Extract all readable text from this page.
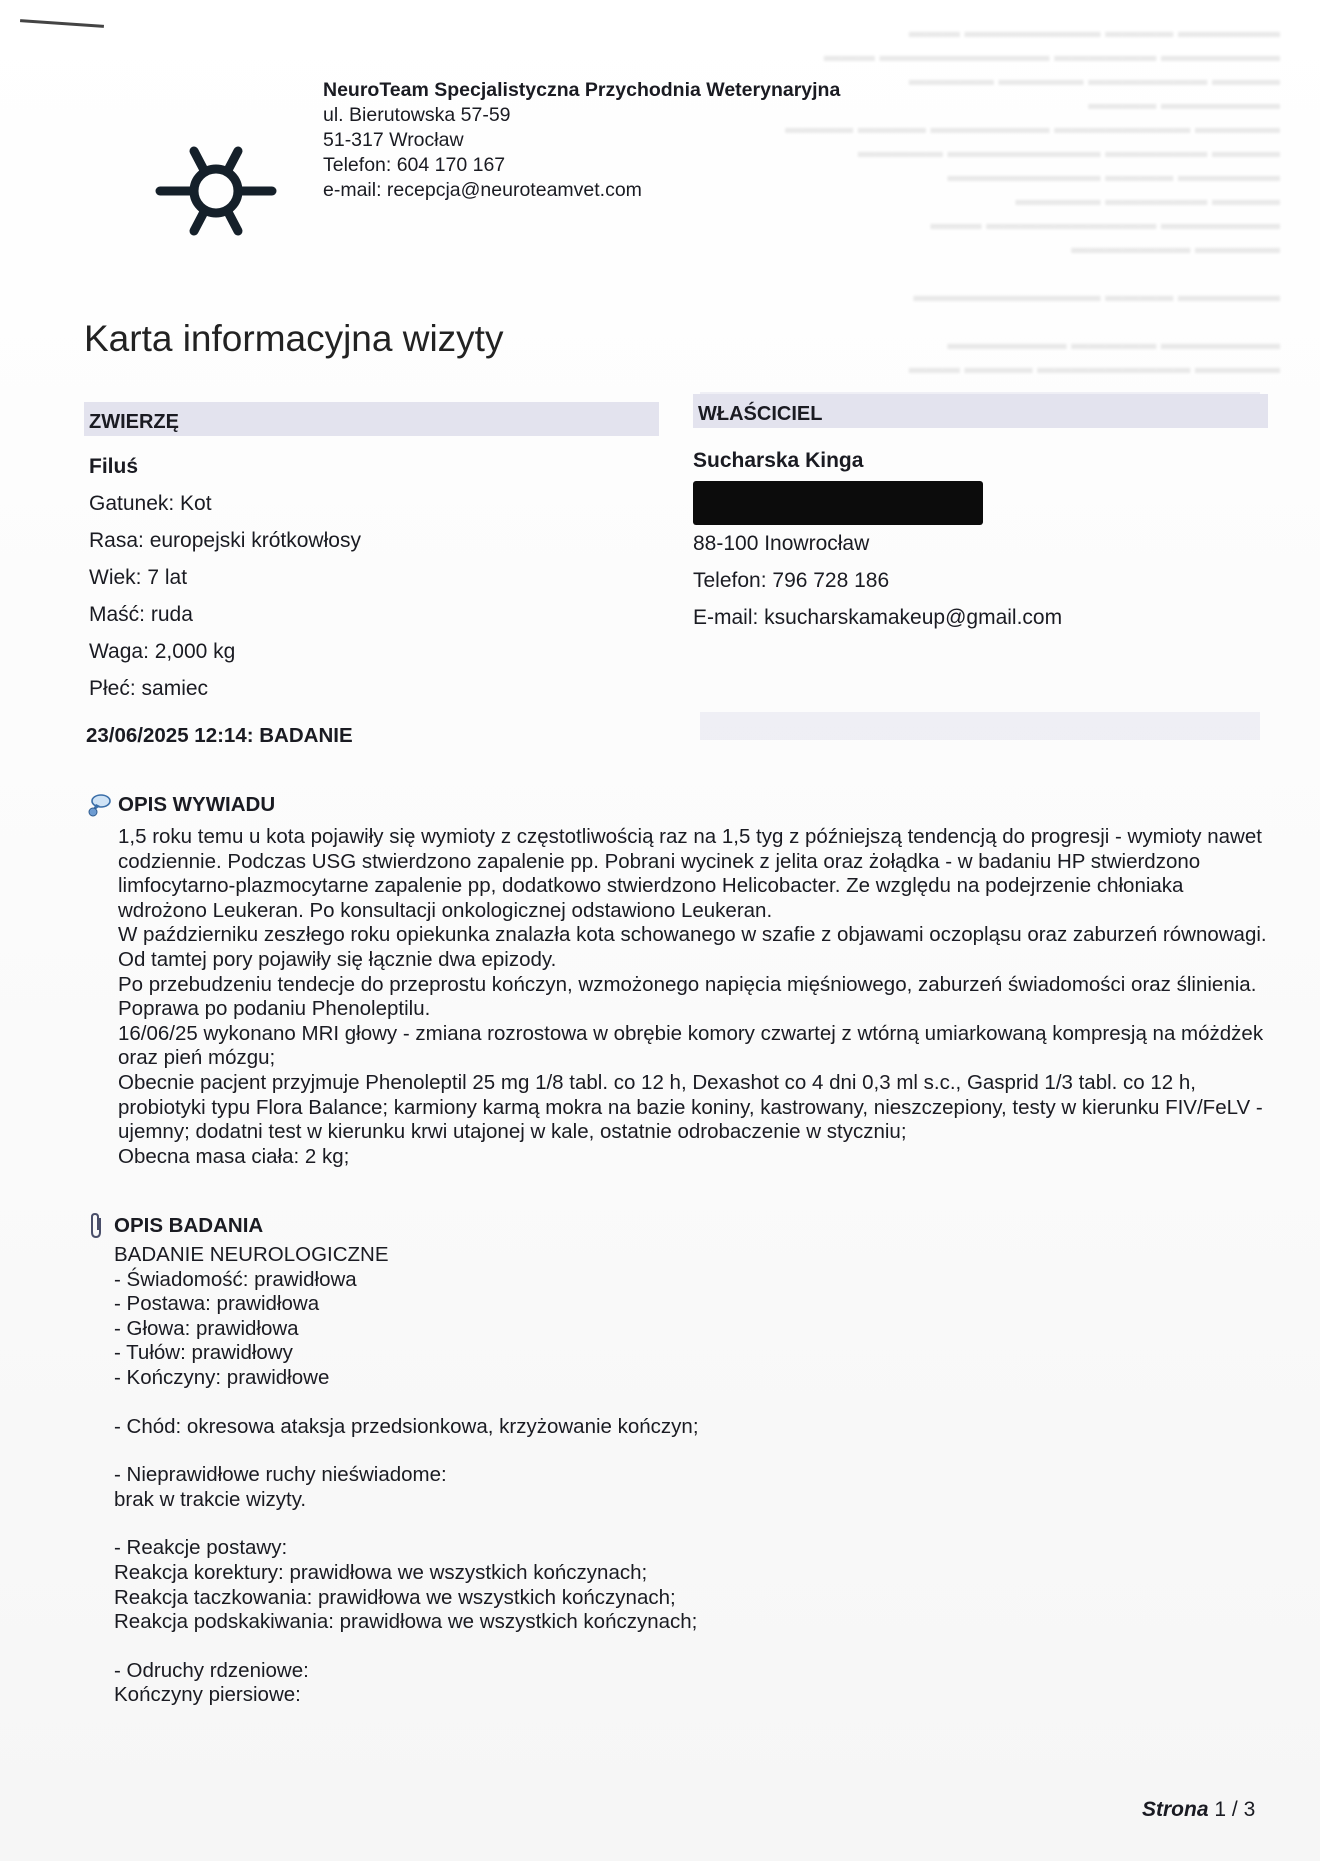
▬▬▬▬▬▬ ▬▬▬▬ ▬▬▬▬▬▬▬▬ ▬▬▬
▬▬▬▬▬▬▬ ▬▬▬▬▬▬ ▬▬▬▬▬▬▬▬▬▬ ▬▬▬
▬▬▬▬ ▬▬▬▬▬▬▬ ▬▬▬▬▬ ▬▬▬▬▬
▬▬▬▬▬▬▬ ▬▬▬▬
▬▬▬▬▬ ▬▬▬▬▬▬▬▬ ▬▬▬▬▬▬▬ ▬▬▬▬ ▬▬▬▬
▬▬▬▬ ▬▬▬▬▬▬ ▬▬▬▬▬▬▬▬▬ ▬▬▬▬▬
▬▬▬▬▬▬ ▬▬▬▬ ▬▬▬▬▬▬▬▬▬
▬▬▬▬ ▬▬▬▬▬▬ ▬▬▬▬▬
▬▬▬▬▬▬▬ ▬▬▬▬▬▬▬▬▬▬ ▬▬▬
▬▬▬▬▬ ▬▬▬▬▬▬▬

▬▬▬▬▬▬ ▬▬▬▬ ▬▬▬▬▬▬▬▬▬▬▬

▬▬▬▬▬▬▬ ▬▬▬▬▬ ▬▬▬▬▬▬▬
▬▬▬▬▬ ▬▬▬▬▬▬▬▬▬ ▬▬▬▬ ▬▬▬
NeuroTeam Specjalistyczna Przychodnia Weterynaryjna
ul. Bierutowska 57-59
51-317 Wrocław
Telefon: 604 170 167
e-mail: recepcja@neuroteamvet.com
Karta informacyjna wizyty
ZWIERZĘ	WŁAŚCICIEL
Filuś
Gatunek: Kot
Rasa: europejski krótkowłosy
Wiek: 7 lat
Maść: ruda
Waga: 2,000 kg
Płeć: samiec
Sucharska Kinga
88-100 Inowrocław
Telefon: 796 728 186
E-mail: ksucharskamakeup@gmail.com
23/06/2025 12:14: BADANIE
OPIS WYWIADU

1,5 roku temu u kota pojawiły się wymioty z częstotliwością raz na 1,5 tyg z późniejszą tendencją do progresji - wymioty nawet codziennie. Podczas USG stwierdzono zapalenie pp. Pobrani wycinek z jelita oraz żołądka - w badaniu HP stwierdzono limfocytarno-plazmocytarne zapalenie pp, dodatkowo stwierdzono Helicobacter. Ze względu na podejrzenie chłoniaka wdrożono Leukeran. Po konsultacji onkologicznej odstawiono Leukeran.

W październiku zeszłego roku opiekunka znalazła kota schowanego w szafie z objawami oczopląsu oraz zaburzeń równowagi. Od tamtej pory pojawiły się łącznie dwa epizody.

Po przebudzeniu tendecje do przeprostu kończyn, wzmożonego napięcia mięśniowego, zaburzeń świadomości oraz ślinienia. Poprawa po podaniu Phenoleptilu.

16/06/25 wykonano MRI głowy - zmiana rozrostowa w obrębie komory czwartej z wtórną umiarkowaną kompresją na móżdżek oraz pień mózgu;

Obecnie pacjent przyjmuje Phenoleptil 25 mg 1/8 tabl. co 12 h, Dexashot co 4 dni 0,3 ml s.c., Gasprid 1/3 tabl. co 12 h, probiotyki typu Flora Balance; karmiony karmą mokra na bazie koniny, kastrowany, nieszczepiony, testy w kierunku FIV/FeLV - ujemny; dodatni test w kierunku krwi utajonej w kale, ostatnie odrobaczenie w styczniu;

Obecna masa ciała: 2 kg;

OPIS BADANIA

BADANIE NEUROLOGICZNE

- Świadomość: prawidłowa

- Postawa: prawidłowa

- Głowa: prawidłowa

- Tułów: prawidłowy

- Kończyny: prawidłowe

- Chód: okresowa ataksja przedsionkowa, krzyżowanie kończyn;

- Nieprawidłowe ruchy nieświadome:

brak w trakcie wizyty.

- Reakcje postawy:

Reakcja korektury: prawidłowa we wszystkich kończynach;

Reakcja taczkowania: prawidłowa we wszystkich kończynach;

Reakcja podskakiwania: prawidłowa we wszystkich kończynach;

- Odruchy rdzeniowe:

Kończyny piersiowe:

Strona 1 / 3
